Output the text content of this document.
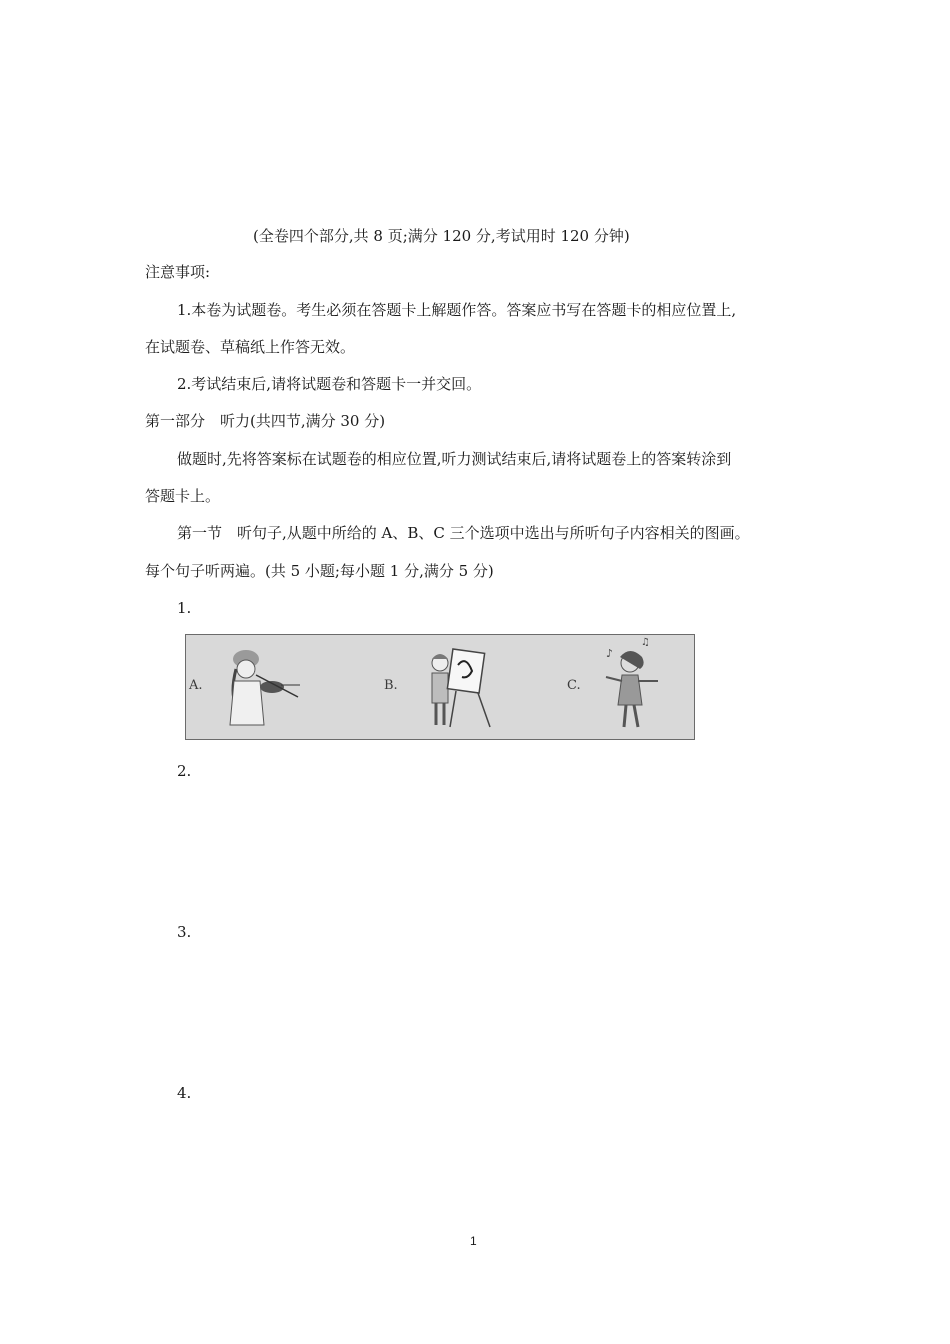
(全卷四个部分,共 8 页;满分 120 分,考试用时 120 分钟)
注意事项:
1.本卷为试题卷。考生必须在答题卡上解题作答。答案应书写在答题卡的相应位置上,
在试题卷、草稿纸上作答无效。
2.考试结束后,请将试题卷和答题卡一并交回。
第一部分　听力(共四节,满分 30 分)
做题时,先将答案标在试题卷的相应位置,听力测试结束后,请将试题卷上的答案转涂到
答题卡上。
第一节　听句子,从题中所给的 A、B、C 三个选项中选出与所听句子内容相关的图画。
每个句子听两遍。(共 5 小题;每小题 1 分,满分 5 分)
1.
A.	B.	C.
♪
♫
2.
3.
4.
1
